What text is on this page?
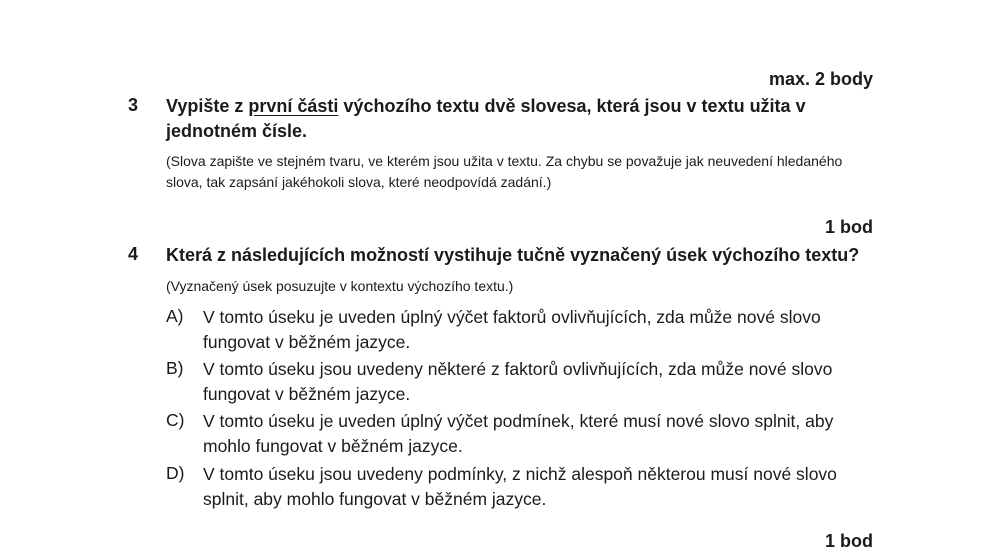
max. 2 body
3 Vypište z první části výchozího textu dvě slovesa, která jsou v textu užita v jednotném čísle.
(Slova zapište ve stejném tvaru, ve kterém jsou užita v textu. Za chybu se považuje jak neuvedení hledaného slova, tak zapsání jakéhokoli slova, které neodpovídá zadání.)
1 bod
4 Která z následujících možností vystihuje tučně vyznačený úsek výchozího textu?
(Vyznačený úsek posuzujte v kontextu výchozího textu.)
A) V tomto úseku je uveden úplný výčet faktorů ovlivňujících, zda může nové slovo fungovat v běžném jazyce.
B) V tomto úseku jsou uvedeny některé z faktorů ovlivňujících, zda může nové slovo fungovat v běžném jazyce.
C) V tomto úseku je uveden úplný výčet podmínek, které musí nové slovo splnit, aby mohlo fungovat v běžném jazyce.
D) V tomto úseku jsou uvedeny podmínky, z nichž alespoň některou musí nové slovo splnit, aby mohlo fungovat v běžném jazyce.
1 bod
